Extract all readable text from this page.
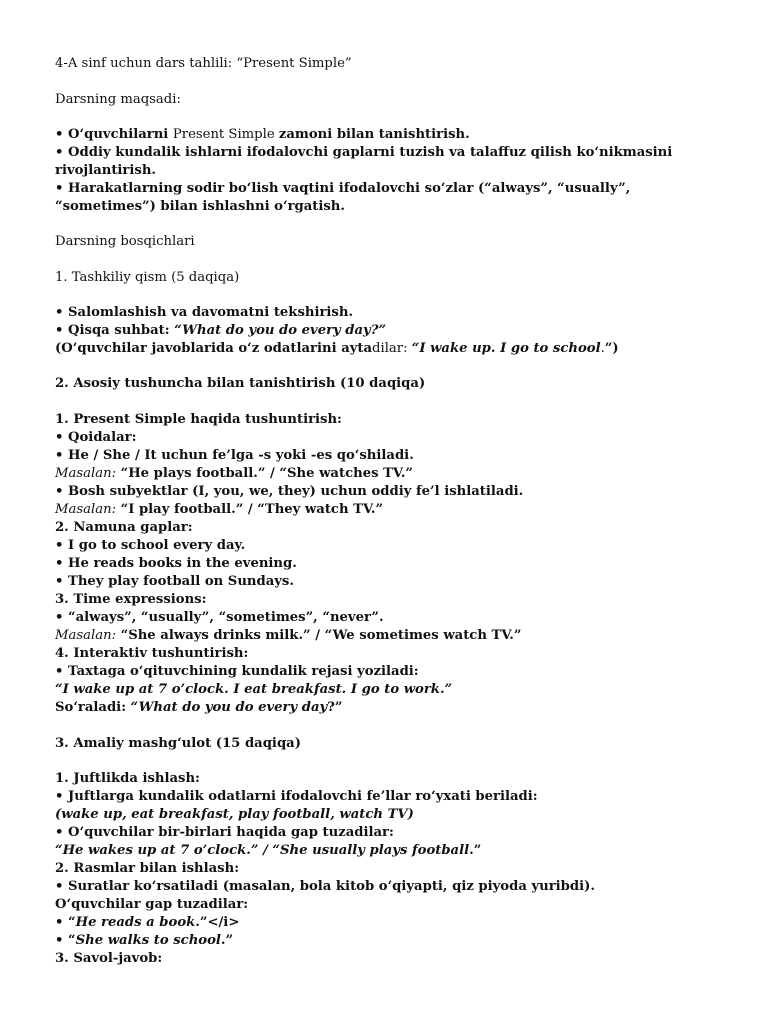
4-A sinf uchun dars tahlili: “Present Simple”
Darsning maqsadi:
• O‘quvchilarni Present Simple zamoni bilan tanishtirish.
• Oddiy kundalik ishlarni ifodalovchi gaplarni tuzish va talaffuz qilish ko‘nikmasini
rivojlantirish.
• Harakatlarning sodir bo‘lish vaqtini ifodalovchi so‘zlar (“always”, “usually”,
“sometimes”) bilan ishlashni o‘rgatish.
Darsning bosqichlari
1. Tashkiliy qism (5 daqiqa)
• Salomlashish va davomatni tekshirish.
• Qisqa suhbat: “What do you do every day?”
(O‘quvchilar javoblarida o‘z odatlarini aytadilar: “I wake up. I go to school.”)
2. Asosiy tushuncha bilan tanishtirish (10 daqiqa)
1. Present Simple haqida tushuntirish:
• Qoidalar:
• He / She / It uchun fe’lga -s yoki -es qo‘shiladi.
Masalan: “He plays football.” / “She watches TV.”
• Bosh subyektlar (I, you, we, they) uchun oddiy fe’l ishlatiladi.
Masalan: “I play football.” / “They watch TV.”
2. Namuna gaplar:
• I go to school every day.
• He reads books in the evening.
• They play football on Sundays.
3. Time expressions:
• “always”, “usually”, “sometimes”, “never”.
Masalan: “She always drinks milk.” / “We sometimes watch TV.”
4. Interaktiv tushuntirish:
• Taxtaga o‘qituvchining kundalik rejasi yoziladi:
“I wake up at 7 o’clock. I eat breakfast. I go to work.”
So‘raladi: “What do you do every day?”
3. Amaliy mashg‘ulot (15 daqiqa)
1. Juftlikda ishlash:
• Juftlarga kundalik odatlarni ifodalovchi fe’llar ro‘yxati beriladi:
(wake up, eat breakfast, play football, watch TV)
• O‘quvchilar bir-birlari haqida gap tuzadilar:
“He wakes up at 7 o’clock.” / “She usually plays football.”
2. Rasmlar bilan ishlash:
• Suratlar ko‘rsatiladi (masalan, bola kitob o‘qiyapti, qiz piyoda yuribdi).
O‘quvchilar gap tuzadilar:
• “He reads a book.”</i>
• “She walks to school.”
3. Savol-javob:
